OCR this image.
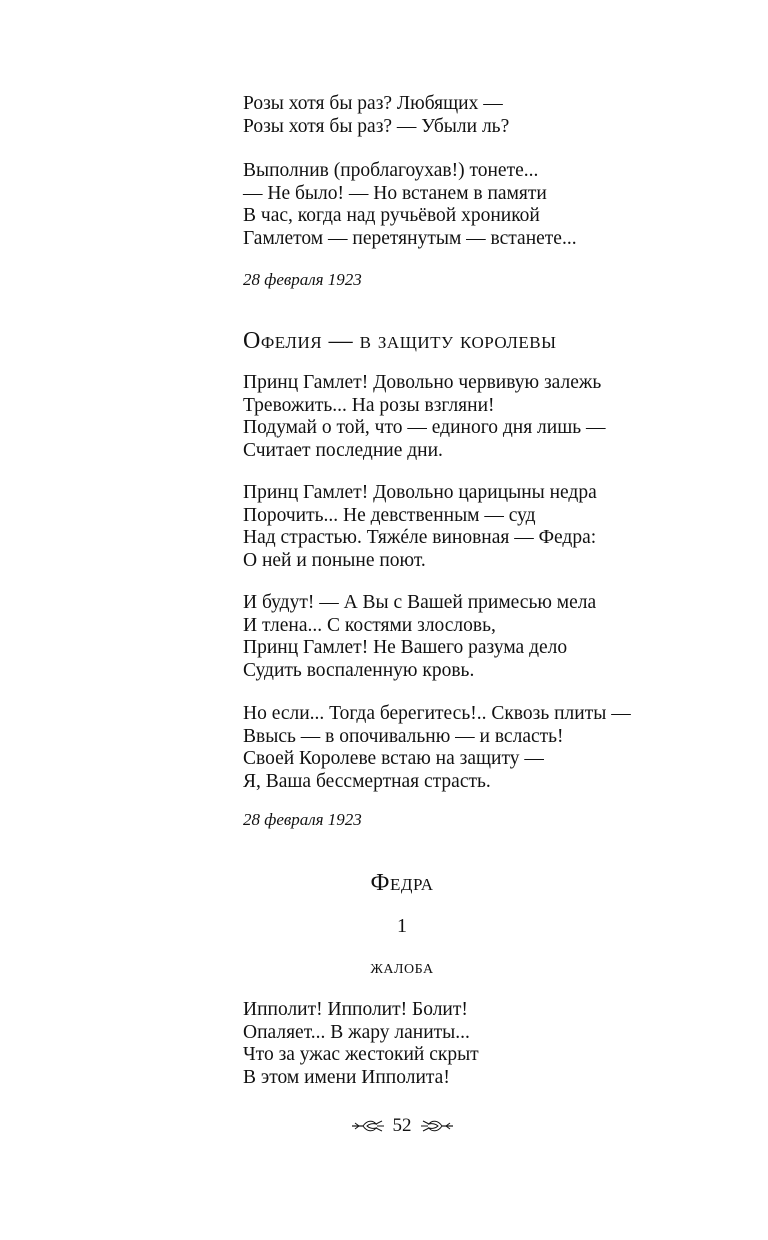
Розы хотя бы раз? Любящих —
Розы хотя бы раз? — Убыли ль?
Выполнив (проблагоухав!) тонете...
— Не было! — Но встанем в памяти
В час, когда над ручьёвой хроникой
Гамлетом — перетянутым — встанете...
28 февраля 1923
Офелия — в защиту королевы
Принц Гамлет! Довольно червивую залежь
Тревожить... На розы взгляни!
Подумай о той, что — единого дня лишь —
Считает последние дни.
Принц Гамлет! Довольно царицыны недра
Порочить... Не девственным — суд
Над страстью. Тяжéле виновная — Федра:
О ней и поныне поют.
И будут! — А Вы с Вашей примесью мела
И тлена... С костями злословь,
Принц Гамлет! Не Вашего разума дело
Судить воспаленную кровь.
Но если... Тогда берегитесь!.. Сквозь плиты —
Ввысь — в опочивальню — и всласть!
Своей Королеве встаю на защиту —
Я, Ваша бессмертная страсть.
28 февраля 1923
Федра
1
ЖАЛОБА
Ипполит! Ипполит! Болит!
Опаляет... В жару ланиты...
Что за ужас жестокий скрыт
В этом имени Ипполита!
52
